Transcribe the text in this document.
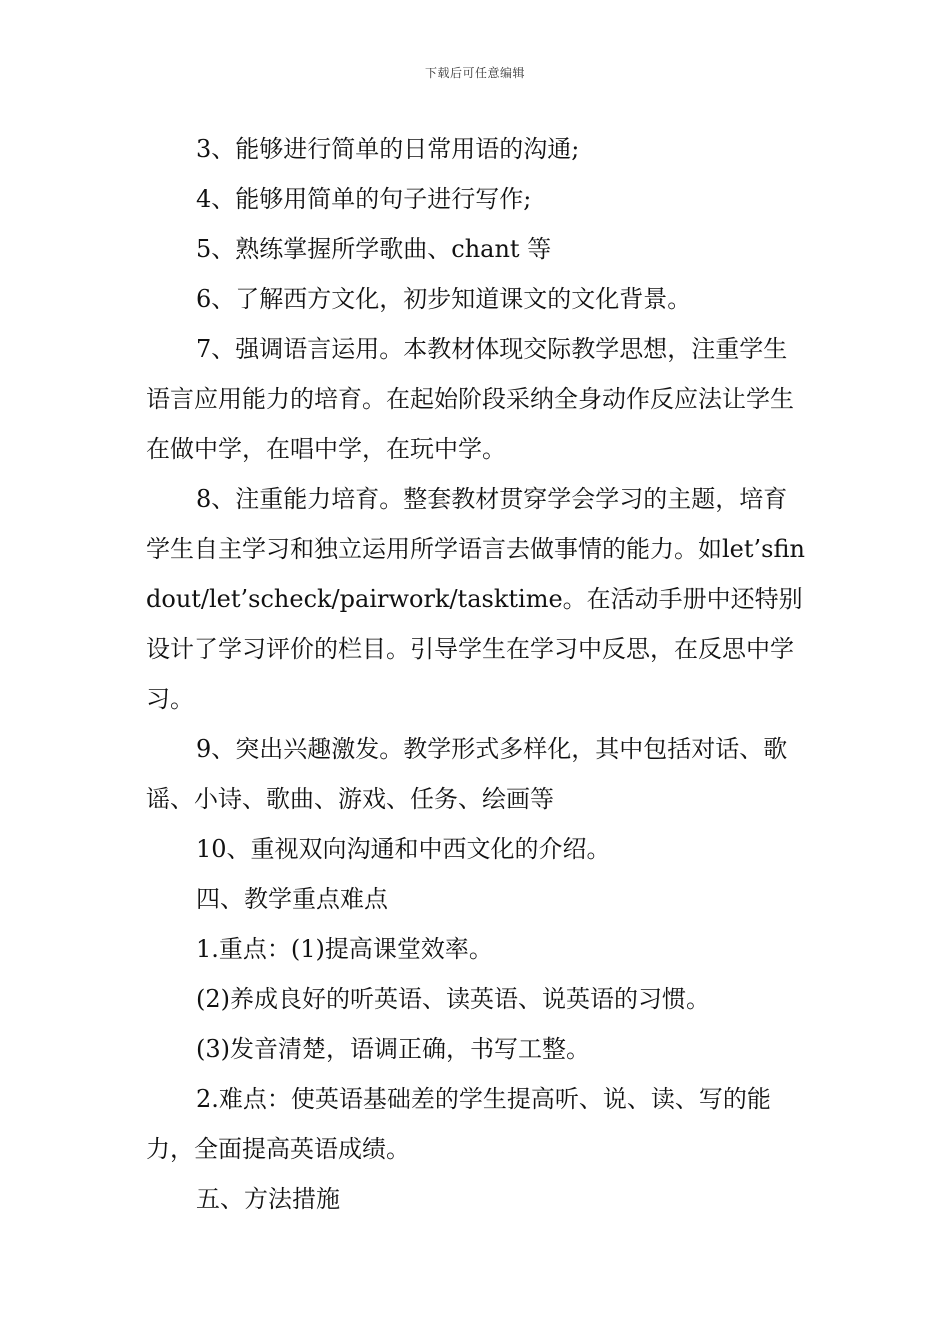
下载后可任意编辑

3、能够进行简单的日常用语的沟通;

4、能够用简单的句子进行写作;

5、熟练掌握所学歌曲、chant 等

6、了解西方文化，初步知道课文的文化背景。

7、强调语言运用。本教材体现交际教学思想，注重学生语言应用能力的培育。在起始阶段采纳全身动作反应法让学生在做中学，在唱中学，在玩中学。

8、注重能力培育。整套教材贯穿学会学习的主题，培育学生自主学习和独立运用所学语言去做事情的能力。如let’sfindout/let’scheck/pairwork/tasktime。在活动手册中还特别设计了学习评价的栏目。引导学生在学习中反思，在反思中学习。

9、突出兴趣激发。教学形式多样化，其中包括对话、歌谣、小诗、歌曲、游戏、任务、绘画等

10、重视双向沟通和中西文化的介绍。

四、教学重点难点

1.重点：(1)提高课堂效率。

(2)养成良好的听英语、读英语、说英语的习惯。

(3)发音清楚，语调正确，书写工整。

2.难点：使英语基础差的学生提高听、说、读、写的能力，全面提高英语成绩。

五、方法措施
